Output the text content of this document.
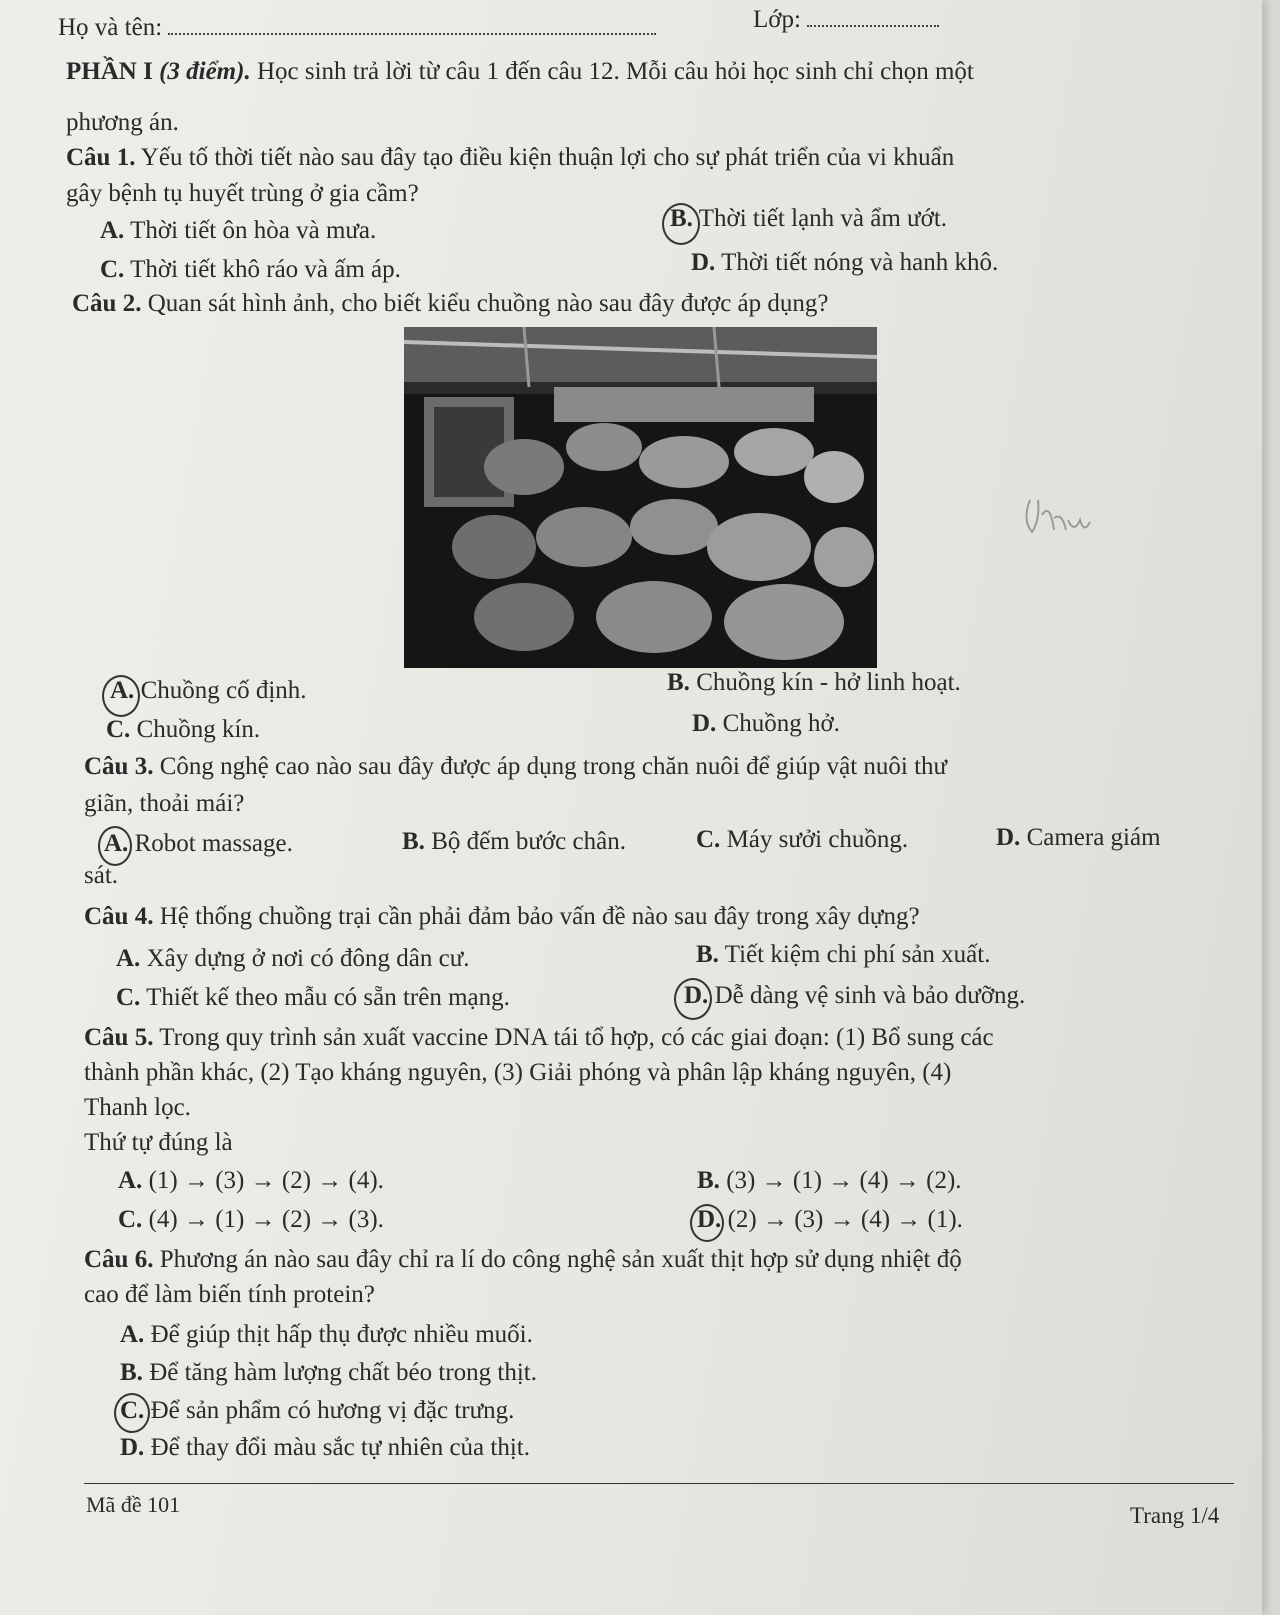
Họ và tên:	Lớp:
PHẦN I (3 điểm). Học sinh trả lời từ câu 1 đến câu 12. Mỗi câu hỏi học sinh chỉ chọn một
phương án.
Câu 1. Yếu tố thời tiết nào sau đây tạo điều kiện thuận lợi cho sự phát triển của vi khuẩn
gây bệnh tụ huyết trùng ở gia cầm?
A. Thời tiết ôn hòa và mưa.	B. Thời tiết lạnh và ẩm ướt.
C. Thời tiết khô ráo và ấm áp.	D. Thời tiết nóng và hanh khô.
Câu 2. Quan sát hình ảnh, cho biết kiểu chuồng nào sau đây được áp dụng?
A. Chuồng cố định.	B. Chuồng kín - hở linh hoạt.
C. Chuồng kín.	D. Chuồng hở.
Câu 3. Công nghệ cao nào sau đây được áp dụng trong chăn nuôi để giúp vật nuôi thư
giãn, thoải mái?
A. Robot massage.	B. Bộ đếm bước chân.	C. Máy sưởi chuồng.	D. Camera giám
sát.
Câu 4. Hệ thống chuồng trại cần phải đảm bảo vấn đề nào sau đây trong xây dựng?
A. Xây dựng ở nơi có đông dân cư.	B. Tiết kiệm chi phí sản xuất.
C. Thiết kế theo mẫu có sẵn trên mạng.	D. Dễ dàng vệ sinh và bảo dưỡng.
Câu 5. Trong quy trình sản xuất vaccine DNA tái tổ hợp, có các giai đoạn: (1) Bổ sung các
thành phần khác, (2) Tạo kháng nguyên, (3) Giải phóng và phân lập kháng nguyên, (4)
Thanh lọc.
Thứ tự đúng là
A. (1) → (3) → (2) → (4).	B. (3) → (1) → (4) → (2).
C. (4) → (1) → (2) → (3).	D. (2) → (3) → (4) → (1).
Câu 6. Phương án nào sau đây chỉ ra lí do công nghệ sản xuất thịt hợp sử dụng nhiệt độ
cao để làm biến tính protein?
A. Để giúp thịt hấp thụ được nhiều muối.
B. Để tăng hàm lượng chất béo trong thịt.
C. Để sản phẩm có hương vị đặc trưng.
D. Để thay đổi màu sắc tự nhiên của thịt.
Mã đề 101	Trang 1/4
